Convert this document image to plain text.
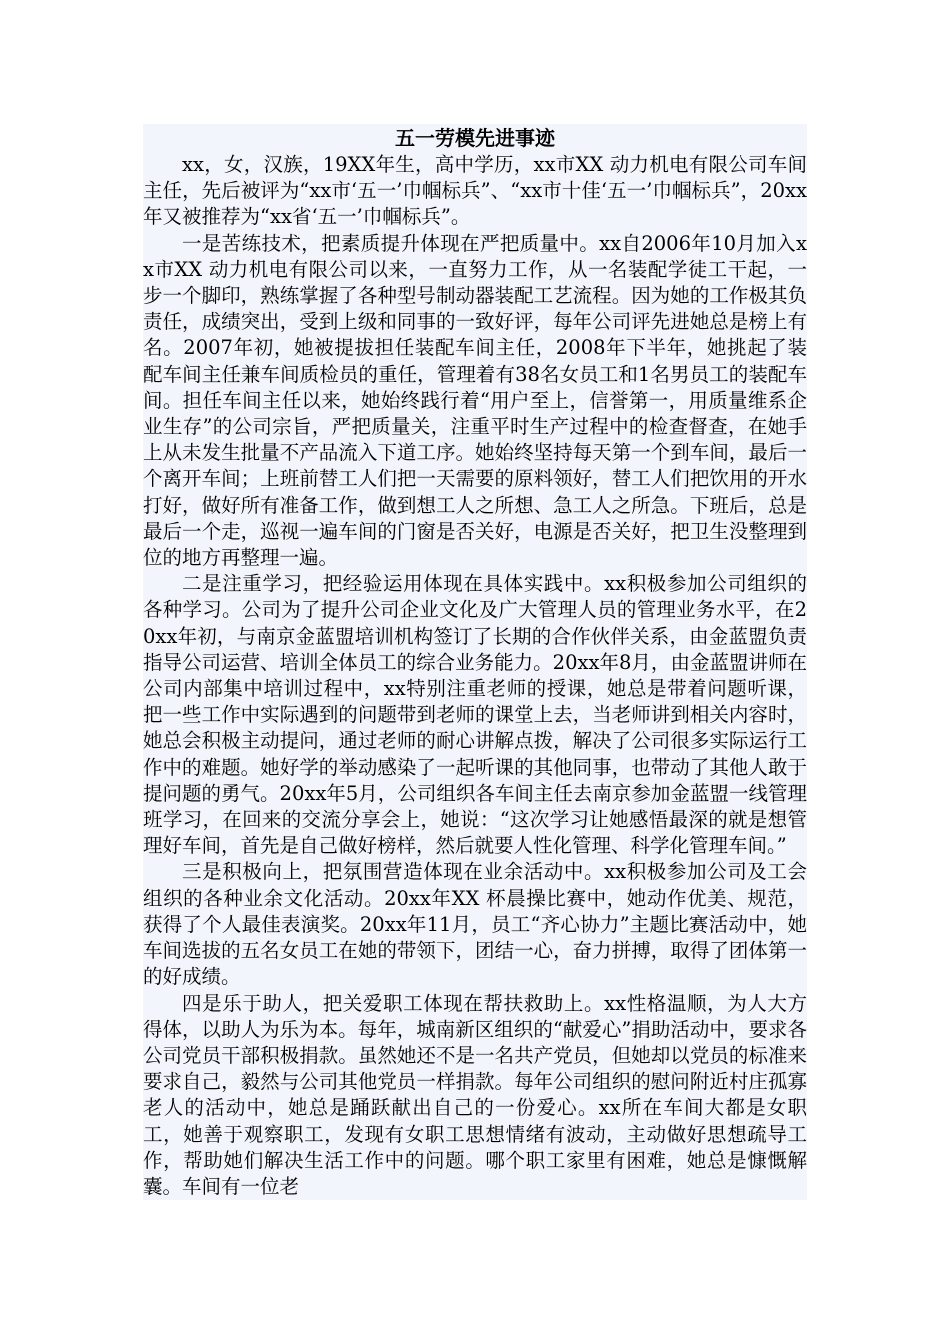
五一劳模先进事迹

xx，女，汉族，19XX年生，高中学历，xx市XX 动力机电有限公司车间主任，先后被评为“xx市‘五一’巾帼标兵”、“xx市十佳‘五一’巾帼标兵”，20xx年又被推荐为“xx省‘五一’巾帼标兵”。

一是苦练技术，把素质提升体现在严把质量中。xx自2006年10月加入xx市XX 动力机电有限公司以来，一直努力工作，从一名装配学徒工干起，一步一个脚印，熟练掌握了各种型号制动器装配工艺流程。因为她的工作极其负责任，成绩突出，受到上级和同事的一致好评，每年公司评先进她总是榜上有名。2007年初，她被提拔担任装配车间主任，2008年下半年，她挑起了装配车间主任兼车间质检员的重任，管理着有38名女员工和1名男员工的装配车间。担任车间主任以来，她始终践行着“用户至上，信誉第一，用质量维系企业生存”的公司宗旨，严把质量关，注重平时生产过程中的检查督查，在她手上从未发生批量不产品流入下道工序。她始终坚持每天第一个到车间，最后一个离开车间；上班前替工人们把一天需要的原料领好，替工人们把饮用的开水打好，做好所有准备工作，做到想工人之所想、急工人之所急。下班后，总是最后一个走，巡视一遍车间的门窗是否关好，电源是否关好，把卫生没整理到位的地方再整理一遍。

二是注重学习，把经验运用体现在具体实践中。xx积极参加公司组织的各种学习。公司为了提升公司企业文化及广大管理人员的管理业务水平，在20xx年初，与南京金蓝盟培训机构签订了长期的合作伙伴关系，由金蓝盟负责指导公司运营、培训全体员工的综合业务能力。20xx年8月，由金蓝盟讲师在公司内部集中培训过程中，xx特别注重老师的授课，她总是带着问题听课，把一些工作中实际遇到的问题带到老师的课堂上去，当老师讲到相关内容时，她总会积极主动提问，通过老师的耐心讲解点拨，解决了公司很多实际运行工作中的难题。她好学的举动感染了一起听课的其他同事，也带动了其他人敢于提问题的勇气。20xx年5月，公司组织各车间主任去南京参加金蓝盟一线管理班学习，在回来的交流分享会上，她说：“这次学习让她感悟最深的就是想管理好车间，首先是自己做好榜样，然后就要人性化管理、科学化管理车间。”

三是积极向上，把氛围营造体现在业余活动中。xx积极参加公司及工会组织的各种业余文化活动。20xx年XX 杯晨操比赛中，她动作优美、规范，获得了个人最佳表演奖。20xx年11月，员工“齐心协力”主题比赛活动中，她车间选拔的五名女员工在她的带领下，团结一心，奋力拼搏，取得了团体第一的好成绩。

四是乐于助人，把关爱职工体现在帮扶救助上。xx性格温顺，为人大方得体，以助人为乐为本。每年，城南新区组织的“献爱心”捐助活动中，要求各公司党员干部积极捐款。虽然她还不是一名共产党员，但她却以党员的标准来要求自己，毅然与公司其他党员一样捐款。每年公司组织的慰问附近村庄孤寡老人的活动中，她总是踊跃献出自己的一份爱心。xx所在车间大都是女职工，她善于观察职工，发现有女职工思想情绪有波动，主动做好思想疏导工作，帮助她们解决生活工作中的问题。哪个职工家里有困难，她总是慷慨解囊。车间有一位老
